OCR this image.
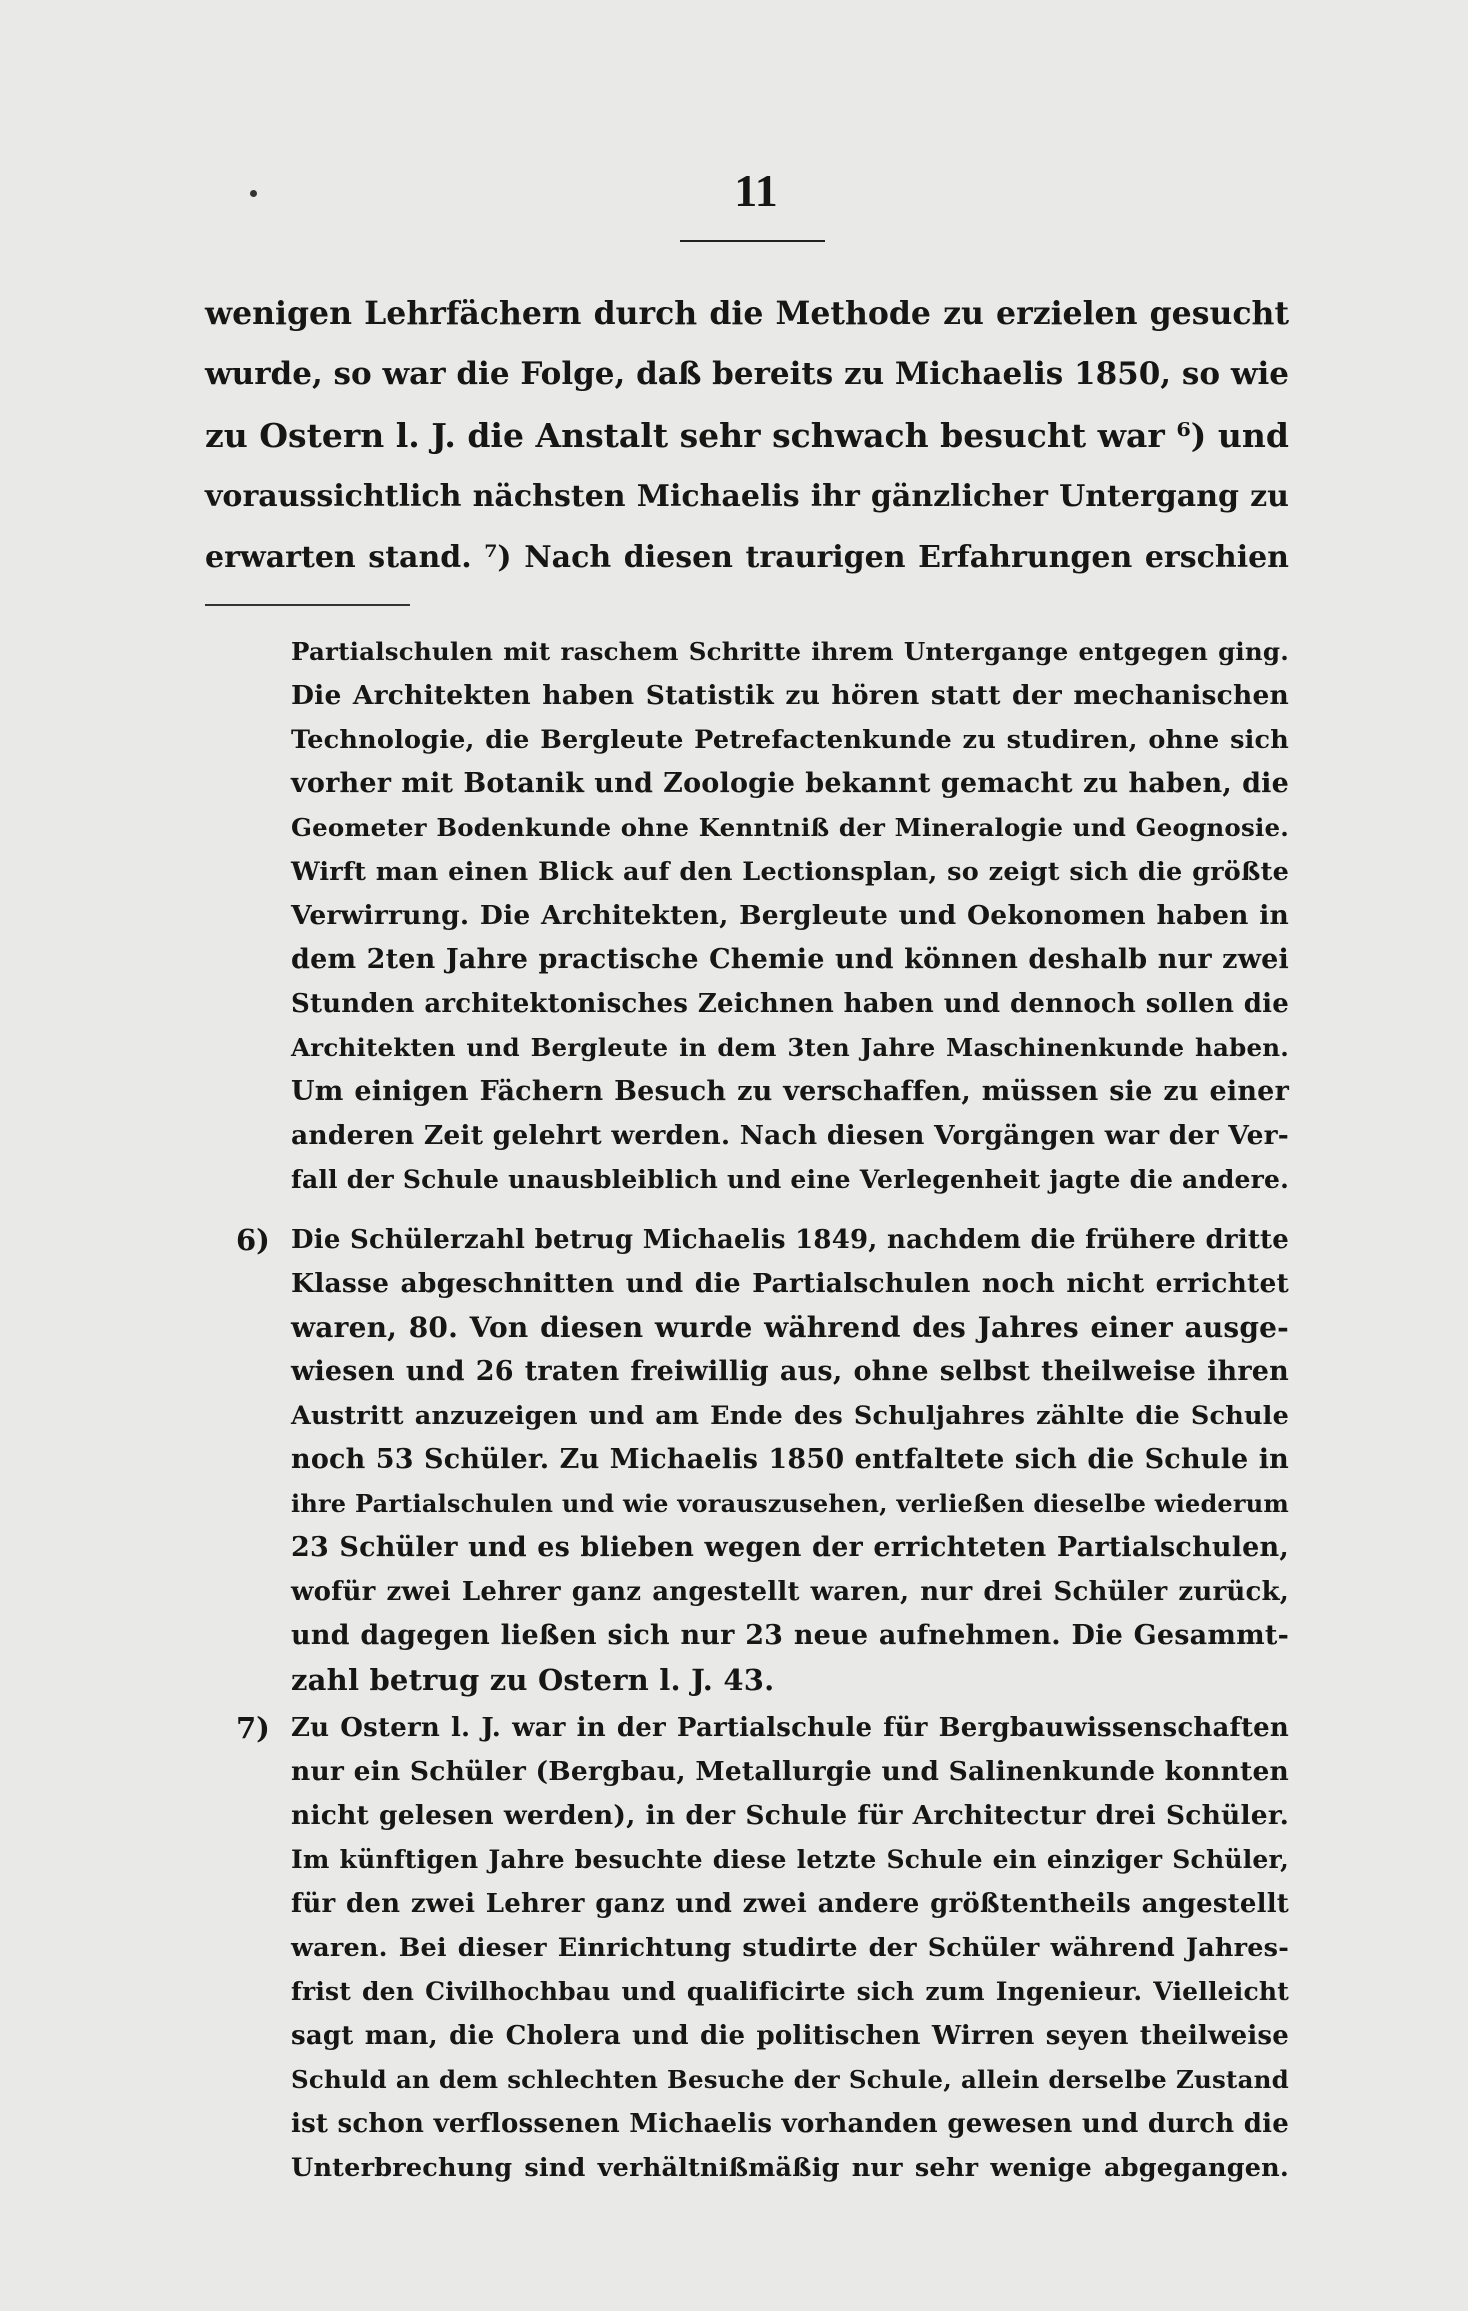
11
wenigen Lehrfächern durch die Methode zu erzielen gesucht
wurde, so war die Folge, daß bereits zu Michaelis 1850, so wie
zu Ostern l. J. die Anstalt sehr schwach besucht war ⁶) und
voraussichtlich nächsten Michaelis ihr gänzlicher Untergang zu
erwarten stand. ⁷) Nach diesen traurigen Erfahrungen erschien
Partialschulen mit raschem Schritte ihrem Untergange entgegen ging.
Die Architekten haben Statistik zu hören statt der mechanischen
Technologie, die Bergleute Petrefactenkunde zu studiren, ohne sich
vorher mit Botanik und Zoologie bekannt gemacht zu haben, die
Geometer Bodenkunde ohne Kenntniß der Mineralogie und Geognosie.
Wirft man einen Blick auf den Lectionsplan, so zeigt sich die größte
Verwirrung. Die Architekten, Bergleute und Oekonomen haben in
dem 2ten Jahre practische Chemie und können deshalb nur zwei
Stunden architektonisches Zeichnen haben und dennoch sollen die
Architekten und Bergleute in dem 3ten Jahre Maschinenkunde haben.
Um einigen Fächern Besuch zu verschaffen, müssen sie zu einer
anderen Zeit gelehrt werden. Nach diesen Vorgängen war der Ver-
fall der Schule unausbleiblich und eine Verlegenheit jagte die andere.
6) Die Schülerzahl betrug Michaelis 1849, nachdem die frühere dritte
Klasse abgeschnitten und die Partialschulen noch nicht errichtet
waren, 80. Von diesen wurde während des Jahres einer ausge-
wiesen und 26 traten freiwillig aus, ohne selbst theilweise ihren
Austritt anzuzeigen und am Ende des Schuljahres zählte die Schule
noch 53 Schüler. Zu Michaelis 1850 entfaltete sich die Schule in
ihre Partialschulen und wie vorauszusehen, verließen dieselbe wiederum
23 Schüler und es blieben wegen der errichteten Partialschulen,
wofür zwei Lehrer ganz angestellt waren, nur drei Schüler zurück,
und dagegen ließen sich nur 23 neue aufnehmen. Die Gesammt-
zahl betrug zu Ostern l. J. 43.
7) Zu Ostern l. J. war in der Partialschule für Bergbauwissenschaften
nur ein Schüler (Bergbau, Metallurgie und Salinenkunde konnten
nicht gelesen werden), in der Schule für Architectur drei Schüler.
Im künftigen Jahre besuchte diese letzte Schule ein einziger Schüler,
für den zwei Lehrer ganz und zwei andere größtentheils angestellt
waren. Bei dieser Einrichtung studirte der Schüler während Jahres-
frist den Civilhochbau und qualificirte sich zum Ingenieur. Vielleicht
sagt man, die Cholera und die politischen Wirren seyen theilweise
Schuld an dem schlechten Besuche der Schule, allein derselbe Zustand
ist schon verflossenen Michaelis vorhanden gewesen und durch die
Unterbrechung sind verhältnißmäßig nur sehr wenige abgegangen.
